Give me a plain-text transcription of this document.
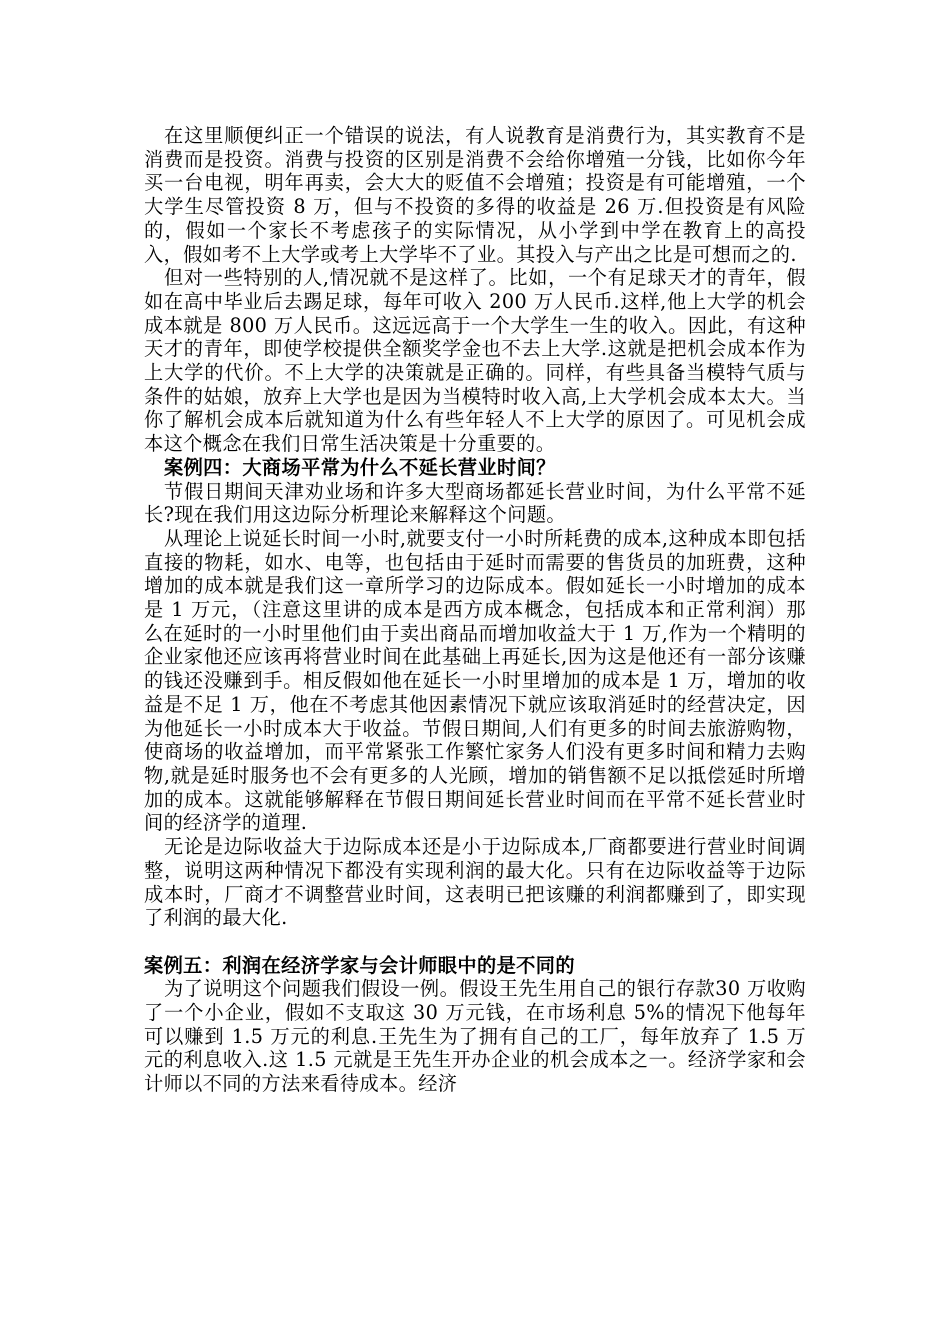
在这里顺便纠正一个错误的说法，有人说教育是消费行为，其实教育不是消费而是投资。消费与投资的区别是消费不会给你增殖一分钱，比如你今年买一台电视，明年再卖，会大大的贬值不会增殖；投资是有可能增殖，一个大学生尽管投资 8 万，但与不投资的多得的收益是 26 万.但投资是有风险的，假如一个家长不考虑孩子的实际情况，从小学到中学在教育上的高投入，假如考不上大学或考上大学毕不了业。其投入与产出之比是可想而之的.

但对一些特别的人,情况就不是这样了。比如，一个有足球天才的青年，假如在高中毕业后去踢足球，每年可收入 200 万人民币.这样,他上大学的机会成本就是 800 万人民币。这远远高于一个大学生一生的收入。因此，有这种天才的青年，即使学校提供全额奖学金也不去上大学.这就是把机会成本作为上大学的代价。不上大学的决策就是正确的。同样，有些具备当模特气质与条件的姑娘，放弃上大学也是因为当模特时收入高,上大学机会成本太大。当你了解机会成本后就知道为什么有些年轻人不上大学的原因了。可见机会成本这个概念在我们日常生活决策是十分重要的。

案例四：大商场平常为什么不延长营业时间？

节假日期间天津劝业场和许多大型商场都延长营业时间，为什么平常不延长?现在我们用这边际分析理论来解释这个问题。

从理论上说延长时间一小时,就要支付一小时所耗费的成本,这种成本即包括直接的物耗，如水、电等，也包括由于延时而需要的售货员的加班费，这种增加的成本就是我们这一章所学习的边际成本。假如延长一小时增加的成本是 1 万元，（注意这里讲的成本是西方成本概念，包括成本和正常利润）那么在延时的一小时里他们由于卖出商品而增加收益大于 1 万,作为一个精明的企业家他还应该再将营业时间在此基础上再延长,因为这是他还有一部分该赚的钱还没赚到手。相反假如他在延长一小时里增加的成本是 1 万，增加的收益是不足 1 万，他在不考虑其他因素情况下就应该取消延时的经营决定，因为他延长一小时成本大于收益。节假日期间,人们有更多的时间去旅游购物，使商场的收益增加，而平常紧张工作繁忙家务人们没有更多时间和精力去购物,就是延时服务也不会有更多的人光顾，增加的销售额不足以抵偿延时所增加的成本。这就能够解释在节假日期间延长营业时间而在平常不延长营业时间的经济学的道理.

无论是边际收益大于边际成本还是小于边际成本,厂商都要进行营业时间调整，说明这两种情况下都没有实现利润的最大化。只有在边际收益等于边际成本时，厂商才不调整营业时间，这表明已把该赚的利润都赚到了，即实现了利润的最大化.

案例五：利润在经济学家与会计师眼中的是不同的

为了说明这个问题我们假设一例。假设王先生用自己的银行存款30 万收购了一个小企业，假如不支取这 30 万元钱，在市场利息 5%的情况下他每年可以赚到 1.5 万元的利息.王先生为了拥有自己的工厂，每年放弃了 1.5 万元的利息收入.这 1.5 元就是王先生开办企业的机会成本之一。经济学家和会计师以不同的方法来看待成本。经济
